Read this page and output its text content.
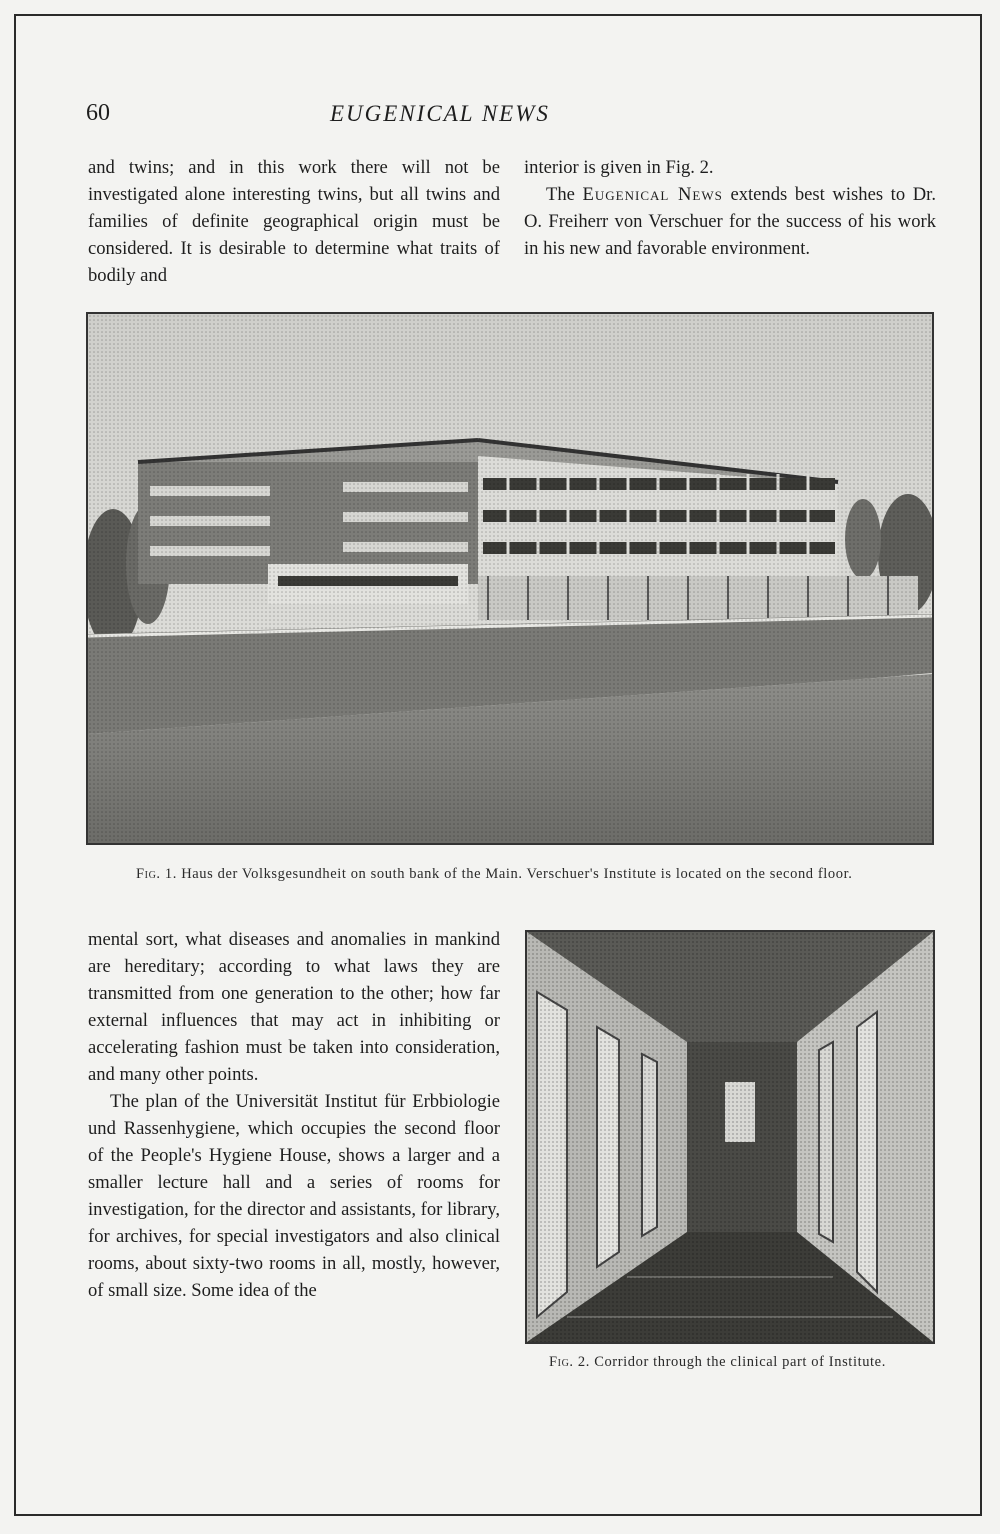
60	EUGENICAL NEWS

and twins; and in this work there will not be investigated alone interesting twins, but all twins and families of definite geographical origin must be considered. It is desirable to determine what traits of bodily and

interior is given in Fig. 2.

The Eugenical News extends best wishes to Dr. O. Freiherr von Verschuer for the success of his work in his new and favorable environment.

Fig. 1. Haus der Volksgesundheit on south bank of the Main. Verschuer's Institute is located on the second floor.

mental sort, what diseases and anomalies in mankind are hereditary; according to what laws they are transmitted from one generation to the other; how far external influences that may act in inhibiting or accelerating fashion must be taken into consideration, and many other points.

The plan of the Universität Institut für Erbbiologie und Rassenhygiene, which occupies the second floor of the People's Hygiene House, shows a larger and a smaller lecture hall and a series of rooms for investigation, for the director and assistants, for library, for archives, for special investigators and also clinical rooms, about sixty-two rooms in all, mostly, however, of small size. Some idea of the

Fig. 2. Corridor through the clinical part of Institute.
